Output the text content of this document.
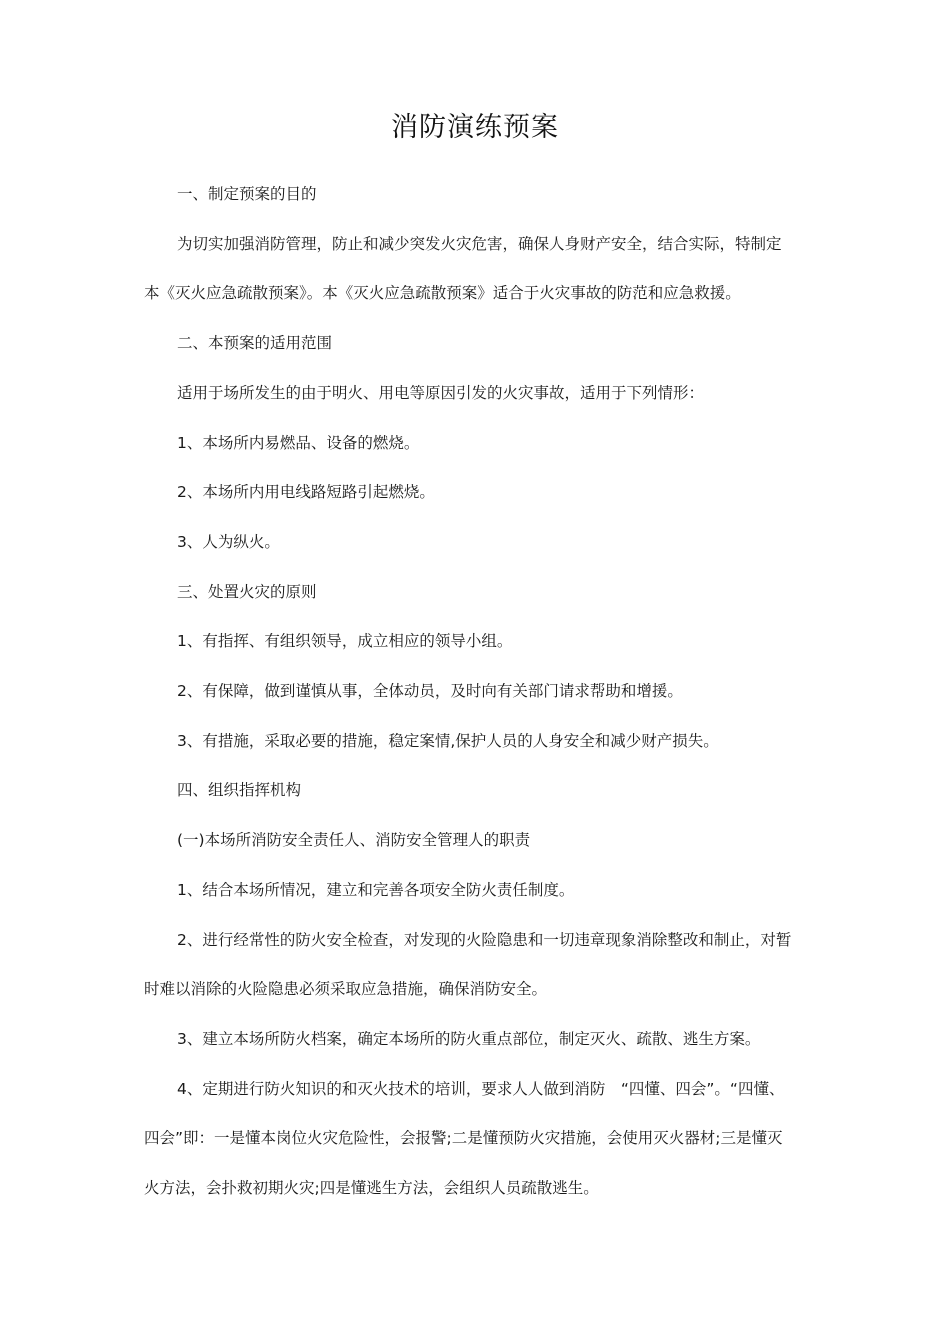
消防演练预案

一、制定预案的目的

为切实加强消防管理，防止和减少突发火灾危害，确保人身财产安全，结合实际，特制定
本《灭火应急疏散预案》。本《灭火应急疏散预案》适合于火灾事故的防范和应急救援。

二、本预案的适用范围

适用于场所发生的由于明火、用电等原因引发的火灾事故，适用于下列情形：

1、本场所内易燃品、设备的燃烧。

2、本场所内用电线路短路引起燃烧。

3、人为纵火。

三、处置火灾的原则

1、有指挥、有组织领导，成立相应的领导小组。

2、有保障，做到谨慎从事，全体动员，及时向有关部门请求帮助和增援。

3、有措施，采取必要的措施，稳定案情,保护人员的人身安全和减少财产损失。

四、组织指挥机构

(一)本场所消防安全责任人、消防安全管理人的职责

1、结合本场所情况，建立和完善各项安全防火责任制度。

2、进行经常性的防火安全检查，对发现的火险隐患和一切违章现象消除整改和制止，对暂
时难以消除的火险隐患必须采取应急措施，确保消防安全。

3、建立本场所防火档案，确定本场所的防火重点部位，制定灭火、疏散、逃生方案。

4、定期进行防火知识的和灭火技术的培训，要求人人做到消防　“四懂、四会”。“四懂、
四会”即：一是懂本岗位火灾危险性，会报警;二是懂预防火灾措施，会使用灭火器材;三是懂灭
火方法，会扑救初期火灾;四是懂逃生方法，会组织人员疏散逃生。
